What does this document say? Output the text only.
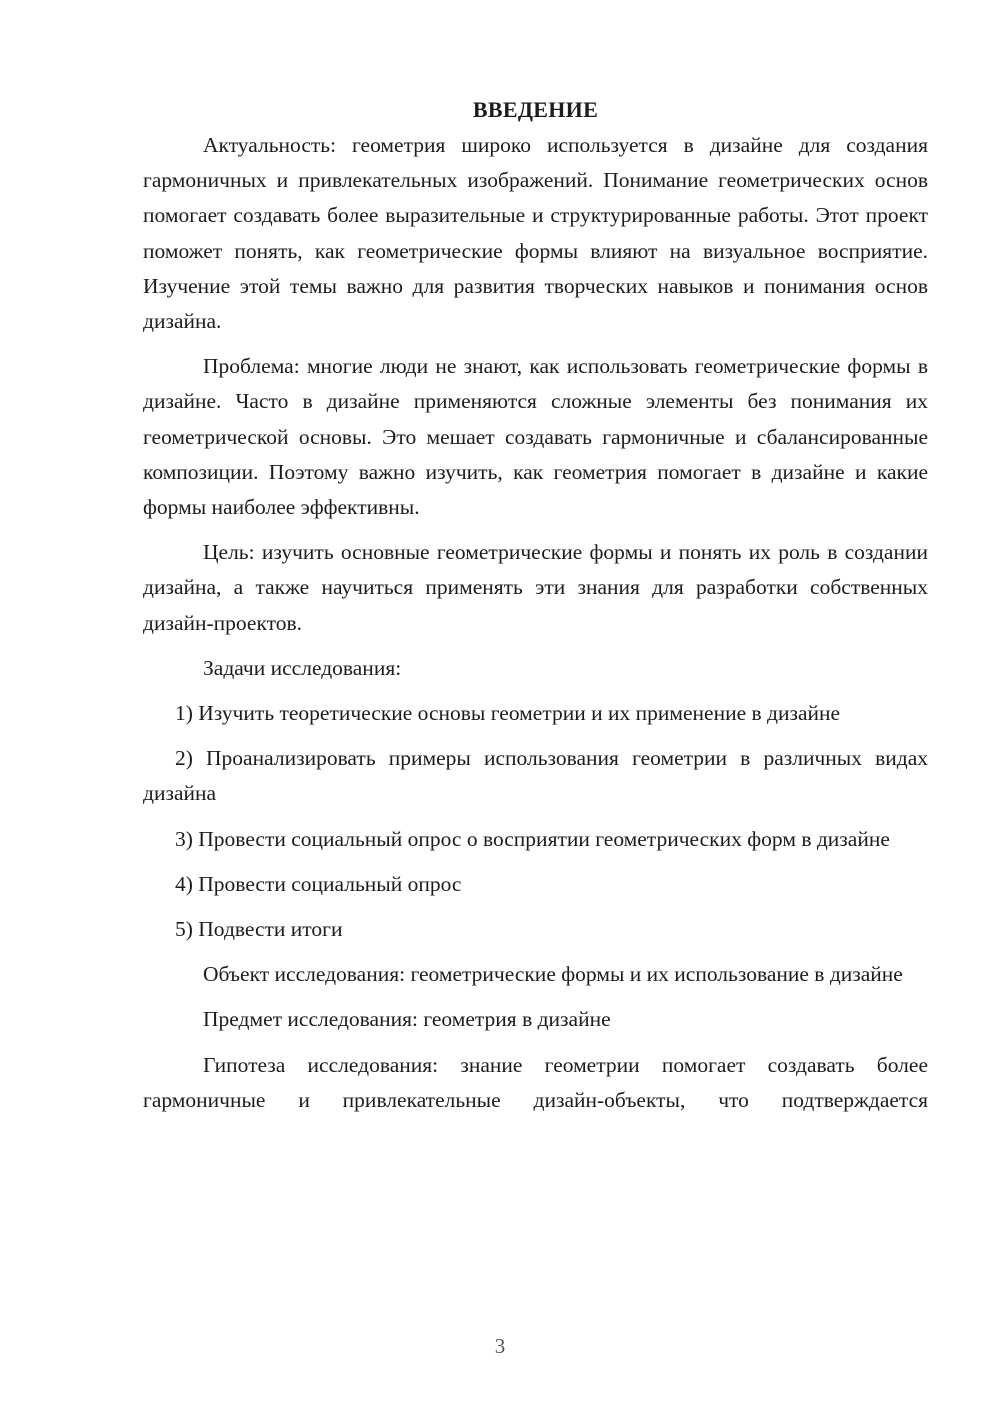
ВВЕДЕНИЕ

Актуальность: геометрия широко используется в дизайне для создания гармоничных и привлекательных изображений. Понимание геометрических основ помогает создавать более выразительные и структурированные работы. Этот проект поможет понять, как геометрические формы влияют на визуальное восприятие. Изучение этой темы важно для развития творческих навыков и понимания основ дизайна.

Проблема: многие люди не знают, как использовать геометрические формы в дизайне. Часто в дизайне применяются сложные элементы без понимания их геометрической основы. Это мешает создавать гармоничные и сбалансированные композиции. Поэтому важно изучить, как геометрия помогает в дизайне и какие формы наиболее эффективны.

Цель: изучить основные геометрические формы и понять их роль в создании дизайна, а также научиться применять эти знания для разработки собственных дизайн-проектов.

Задачи исследования:

1) Изучить теоретические основы геометрии и их применение в дизайне

2) Проанализировать примеры использования геометрии в различных видах дизайна

3) Провести социальный опрос о восприятии геометрических форм в дизайне

4) Провести социальный опрос

5) Подвести итоги

Объект исследования: геометрические формы и их использование в дизайне

Предмет исследования: геометрия в дизайне

Гипотеза исследования: знание геометрии помогает создавать более гармоничные и привлекательные дизайн-объекты, что подтверждается

3
